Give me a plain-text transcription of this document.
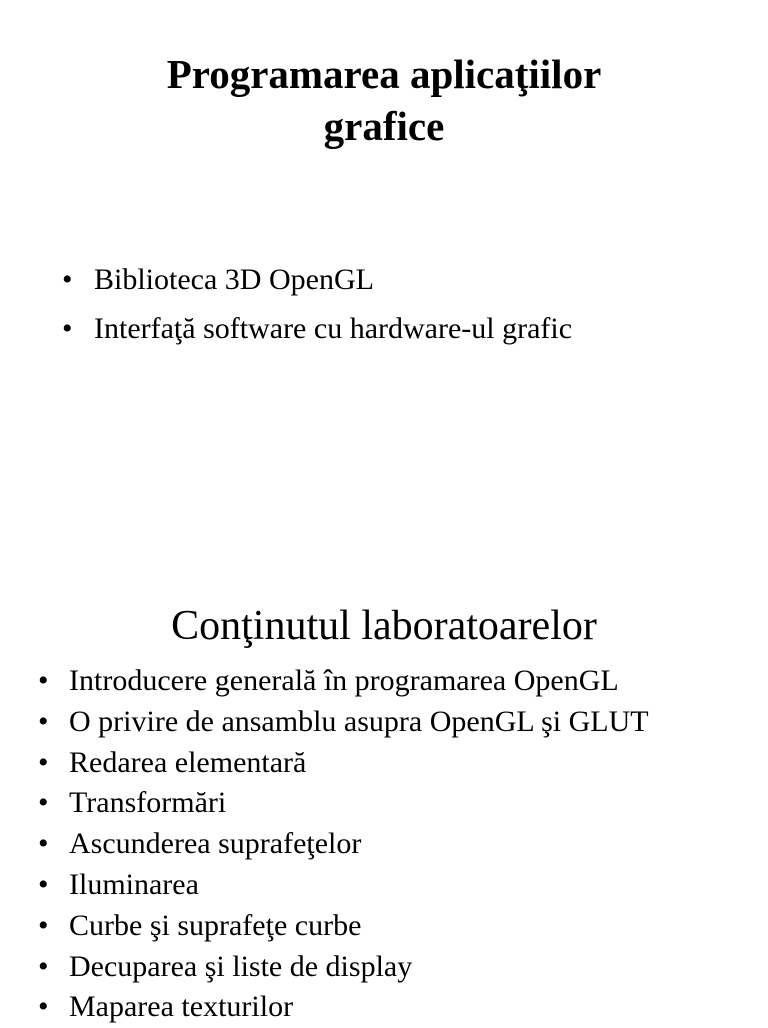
Programarea aplicaţiilor
grafice
• Biblioteca 3D OpenGL
• Interfaţă software cu hardware-ul grafic
Conţinutul laboratoarelor
• Introducere generală în programarea OpenGL
• O privire de ansamblu asupra OpenGL şi GLUT
• Redarea elementară
• Transformări
• Ascunderea suprafeţelor
• Iluminarea
• Curbe şi suprafeţe curbe
• Decuparea şi liste de display
• Maparea texturilor
